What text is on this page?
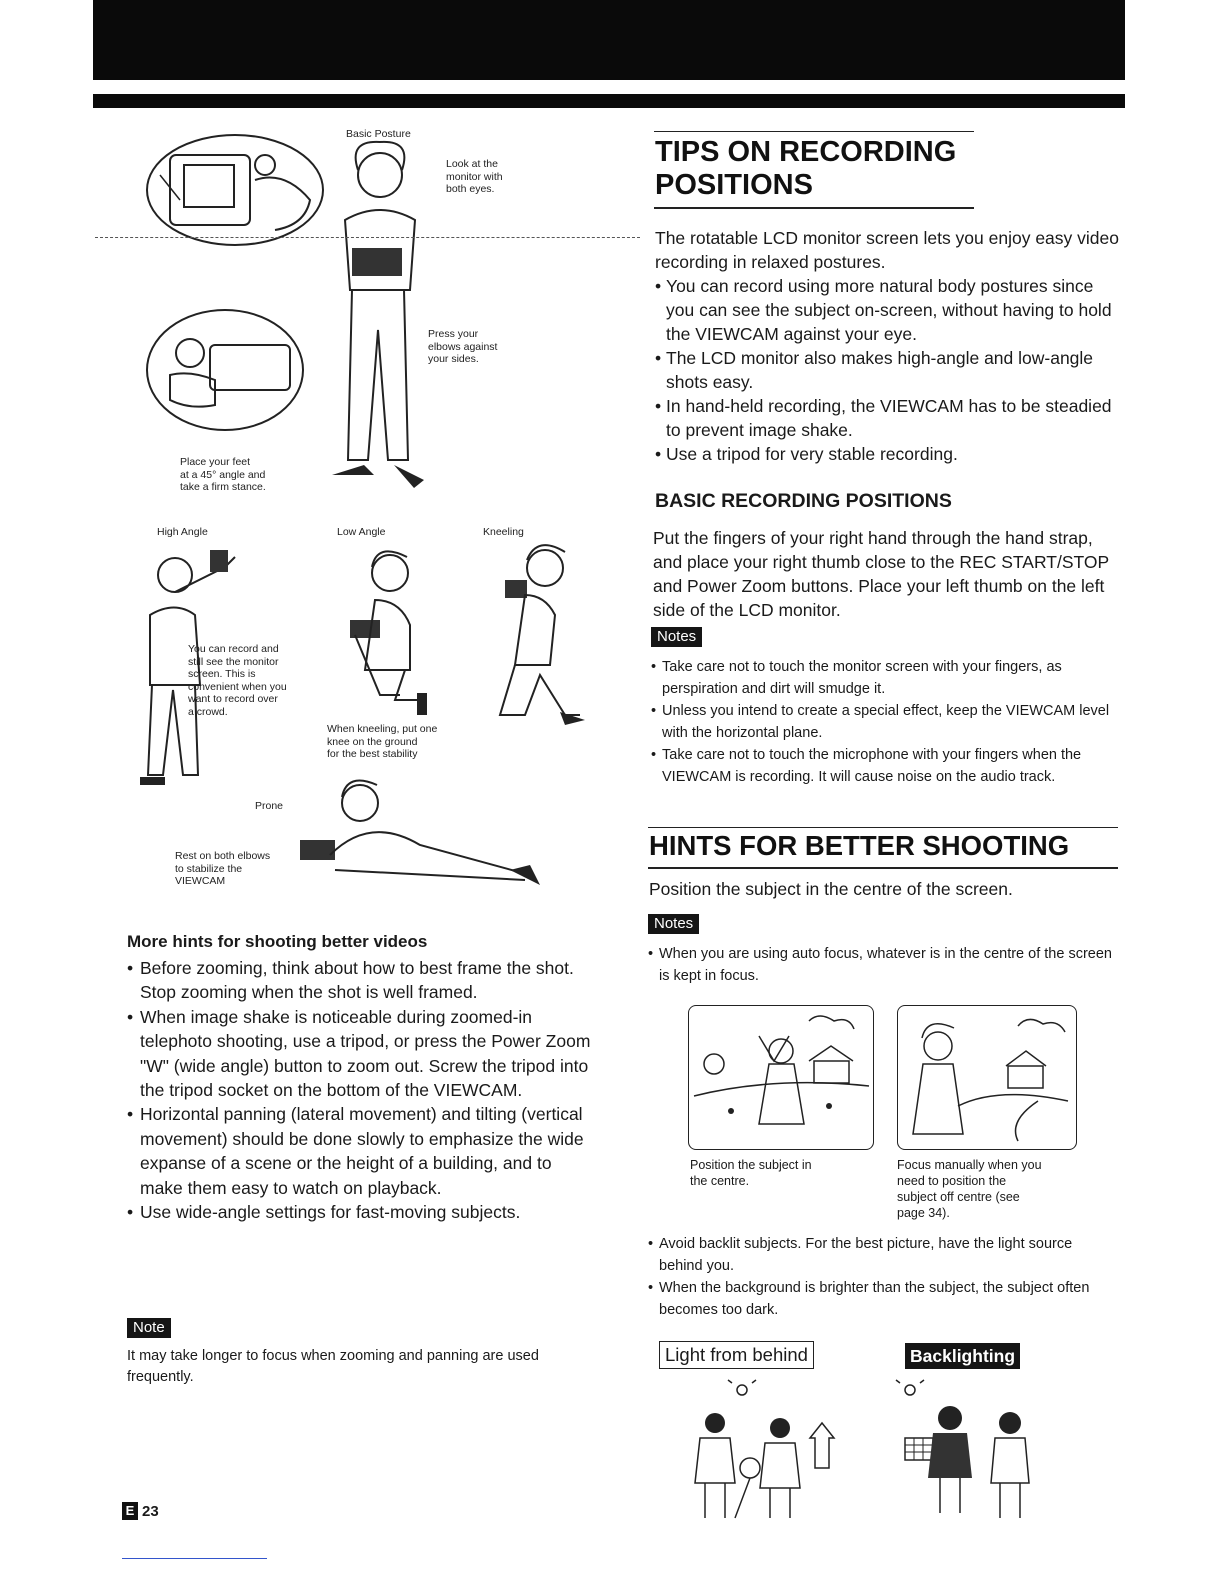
Basic Posture
Look at the
monitor with
both eyes.
Press your
elbows against
your sides.
Place your feet
at a 45° angle and
take a firm stance.
High Angle	Low Angle	Kneeling
You can record and
still see the monitor
screen. This is
convenient when you
want to record over
a crowd.
When kneeling, put one
knee on the ground
for the best stability
Prone
Rest on both elbows
to stabilize the
VIEWCAM
More hints for shooting better videos
• Before zooming, think about how to best frame the shot. Stop zooming when the shot is well framed.
• When image shake is noticeable during zoomed-in telephoto shooting, use a tripod, or press the Power Zoom "W" (wide angle) button to zoom out. Screw the tripod into the tripod socket on the bottom of the VIEWCAM.
• Horizontal panning (lateral movement) and tilting (vertical movement) should be done slowly to emphasize the wide expanse of a scene or the height of a building, and to make them easy to watch on playback.
• Use wide-angle settings for fast-moving subjects.
Note
It may take longer to focus when zooming and panning are used frequently.
E 23
TIPS ON RECORDING POSITIONS
The rotatable LCD monitor screen lets you enjoy easy video recording in relaxed postures.
• You can record using more natural body postures since you can see the subject on-screen, without having to hold the VIEWCAM against your eye.
• The LCD monitor also makes high-angle and low-angle shots easy.
• In hand-held recording, the VIEWCAM has to be steadied to prevent image shake.
• Use a tripod for very stable recording.
BASIC RECORDING POSITIONS
Put the fingers of your right hand through the hand strap, and place your right thumb close to the REC START/STOP and Power Zoom buttons. Place your left thumb on the left side of the LCD monitor.
Notes
• Take care not to touch the monitor screen with your fingers, as perspiration and dirt will smudge it.
• Unless you intend to create a special effect, keep the VIEWCAM level with the horizontal plane.
• Take care not to touch the microphone with your fingers when the VIEWCAM is recording. It will cause noise on the audio track.
HINTS FOR BETTER SHOOTING
Position the subject in the centre of the screen.
Notes
• When you are using auto focus, whatever is in the centre of the screen is kept in focus.
Position the subject in
the centre.
Focus manually when you
need to position the
subject off centre (see
page 34).
• Avoid backlit subjects. For the best picture, have the light source behind you.
• When the background is brighter than the subject, the subject often becomes too dark.
Light from behind	Backlighting
